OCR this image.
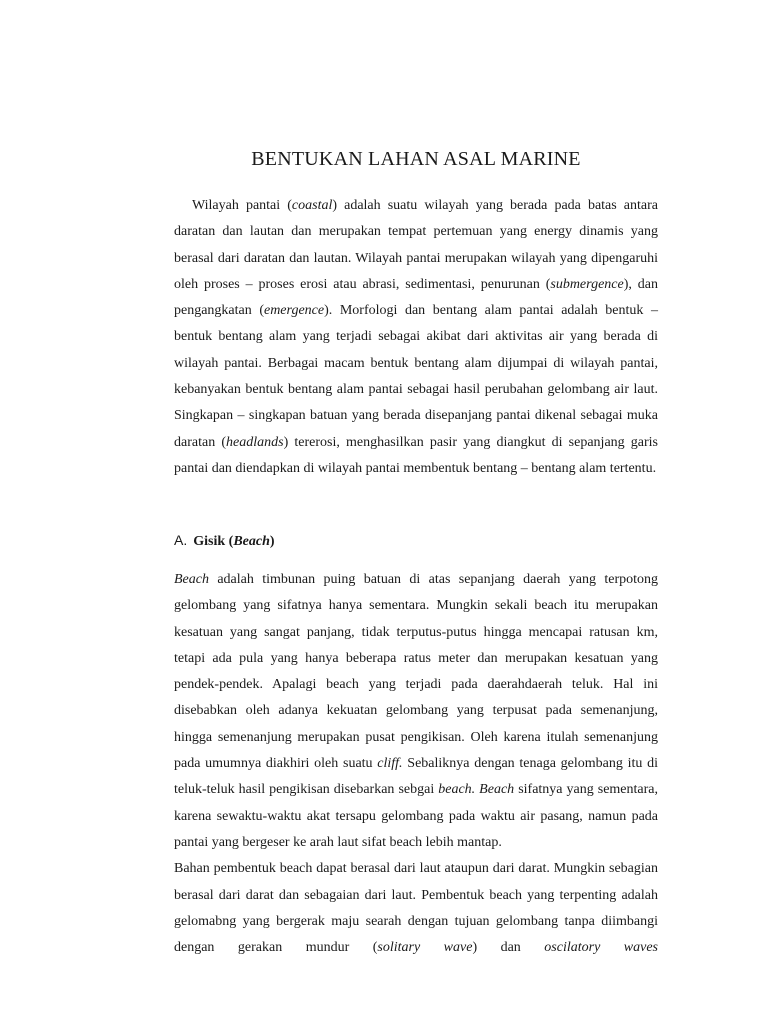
BENTUKAN LAHAN ASAL MARINE

Wilayah pantai (coastal) adalah suatu wilayah yang berada pada batas antara daratan dan lautan dan merupakan tempat pertemuan yang energy dinamis yang berasal dari daratan dan lautan. Wilayah pantai merupakan wilayah yang dipengaruhi oleh proses – proses erosi atau abrasi, sedimentasi, penurunan (submergence), dan pengangkatan (emergence). Morfologi dan bentang alam pantai adalah bentuk – bentuk bentang alam yang terjadi sebagai akibat dari aktivitas air yang berada di wilayah pantai. Berbagai macam bentuk bentang alam dijumpai di wilayah pantai, kebanyakan bentuk bentang alam pantai sebagai hasil perubahan gelombang air laut. Singkapan – singkapan batuan yang berada disepanjang pantai dikenal sebagai muka daratan (headlands) tererosi, menghasilkan pasir yang diangkut di sepanjang garis pantai dan diendapkan di wilayah pantai membentuk bentang – bentang alam tertentu.

A. Gisik (Beach)

Beach adalah timbunan puing batuan di atas sepanjang daerah yang terpotong gelombang yang sifatnya hanya sementara. Mungkin sekali beach itu merupakan kesatuan yang sangat panjang, tidak terputus-putus hingga mencapai ratusan km, tetapi ada pula yang hanya beberapa ratus meter dan merupakan kesatuan yang pendek-pendek. Apalagi beach yang terjadi pada daerahdaerah teluk. Hal ini disebabkan oleh adanya kekuatan gelombang yang terpusat pada semenanjung, hingga semenanjung merupakan pusat pengikisan. Oleh karena itulah semenanjung pada umumnya diakhiri oleh suatu cliff. Sebaliknya dengan tenaga gelombang itu di teluk-teluk hasil pengikisan disebarkan sebgai beach. Beach sifatnya yang sementara, karena sewaktu-waktu akat tersapu gelombang pada waktu air pasang, namun pada pantai yang bergeser ke arah laut sifat beach lebih mantap.

Bahan pembentuk beach dapat berasal dari laut ataupun dari darat. Mungkin sebagian berasal dari darat dan sebagaian dari laut. Pembentuk beach yang terpenting adalah gelomabng yang bergerak maju searah dengan tujuan gelombang tanpa diimbangi dengan gerakan mundur (solitary wave) dan oscilatory waves
